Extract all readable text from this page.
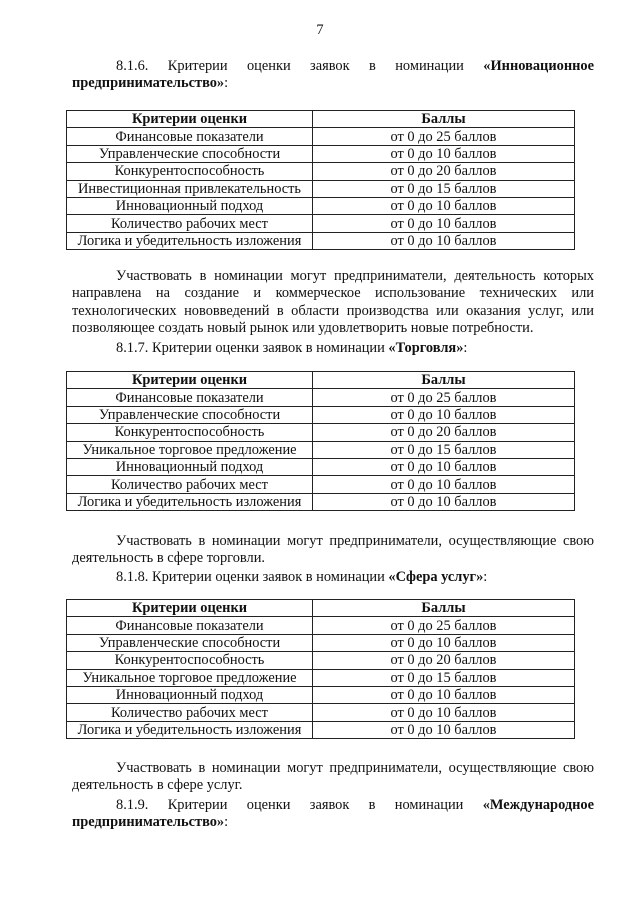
7

8.1.6. Критерии оценки заявок в номинации «Инновационное предпринимательство»:

Критерии оценки	Баллы
Финансовые показатели	от 0 до 25 баллов
Управленческие способности	от 0 до 10 баллов
Конкурентоспособность	от 0 до 20 баллов
Инвестиционная привлекательность	от 0 до 15 баллов
Инновационный подход	от 0 до 10 баллов
Количество рабочих мест	от 0 до 10 баллов
Логика и убедительность изложения	от 0 до 10 баллов

Участвовать в номинации могут предприниматели, деятельность которых направлена на создание и коммерческое использование технических или технологических нововведений в области производства или оказания услуг, или позволяющее создать новый рынок или удовлетворить новые потребности.

8.1.7. Критерии оценки заявок в номинации «Торговля»:

Критерии оценки	Баллы
Финансовые показатели	от 0 до 25 баллов
Управленческие способности	от 0 до 10 баллов
Конкурентоспособность	от 0 до 20 баллов
Уникальное торговое предложение	от 0 до 15 баллов
Инновационный подход	от 0 до 10 баллов
Количество рабочих мест	от 0 до 10 баллов
Логика и убедительность изложения	от 0 до 10 баллов

Участвовать в номинации могут предприниматели, осуществляющие свою деятельность в сфере торговли.

8.1.8. Критерии оценки заявок в номинации «Сфера услуг»:

Критерии оценки	Баллы
Финансовые показатели	от 0 до 25 баллов
Управленческие способности	от 0 до 10 баллов
Конкурентоспособность	от 0 до 20 баллов
Уникальное торговое предложение	от 0 до 15 баллов
Инновационный подход	от 0 до 10 баллов
Количество рабочих мест	от 0 до 10 баллов
Логика и убедительность изложения	от 0 до 10 баллов

Участвовать в номинации могут предприниматели, осуществляющие свою деятельность в сфере услуг.

8.1.9. Критерии оценки заявок в номинации «Международное предпринимательство»:
